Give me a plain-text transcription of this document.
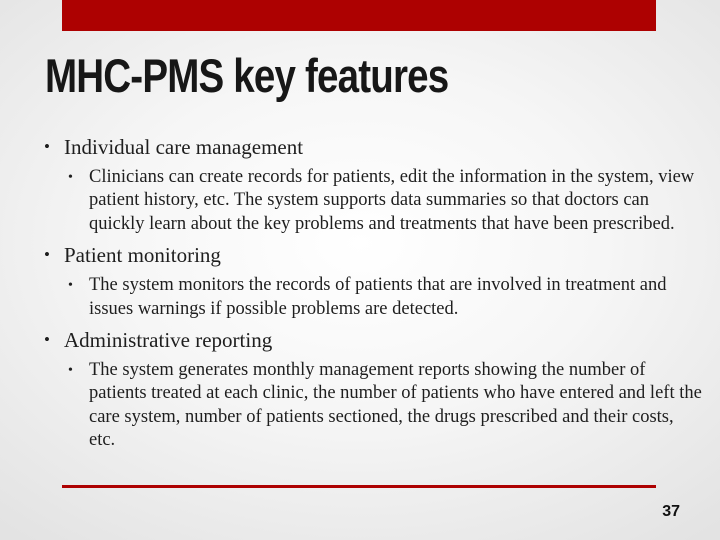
MHC-PMS key features

• Individual care management

• Clinicians can create records for patients, edit the information in the system, view patient history, etc. The system supports data summaries so that doctors can quickly learn about the key problems and treatments that have been prescribed.

• Patient monitoring

• The system monitors the records of patients that are involved in treatment and issues warnings if possible problems are detected.

• Administrative reporting

• The system generates monthly management reports showing the number of patients treated at each clinic, the number of patients who have entered and left the care system, number of patients sectioned, the drugs prescribed and their costs, etc.

37
